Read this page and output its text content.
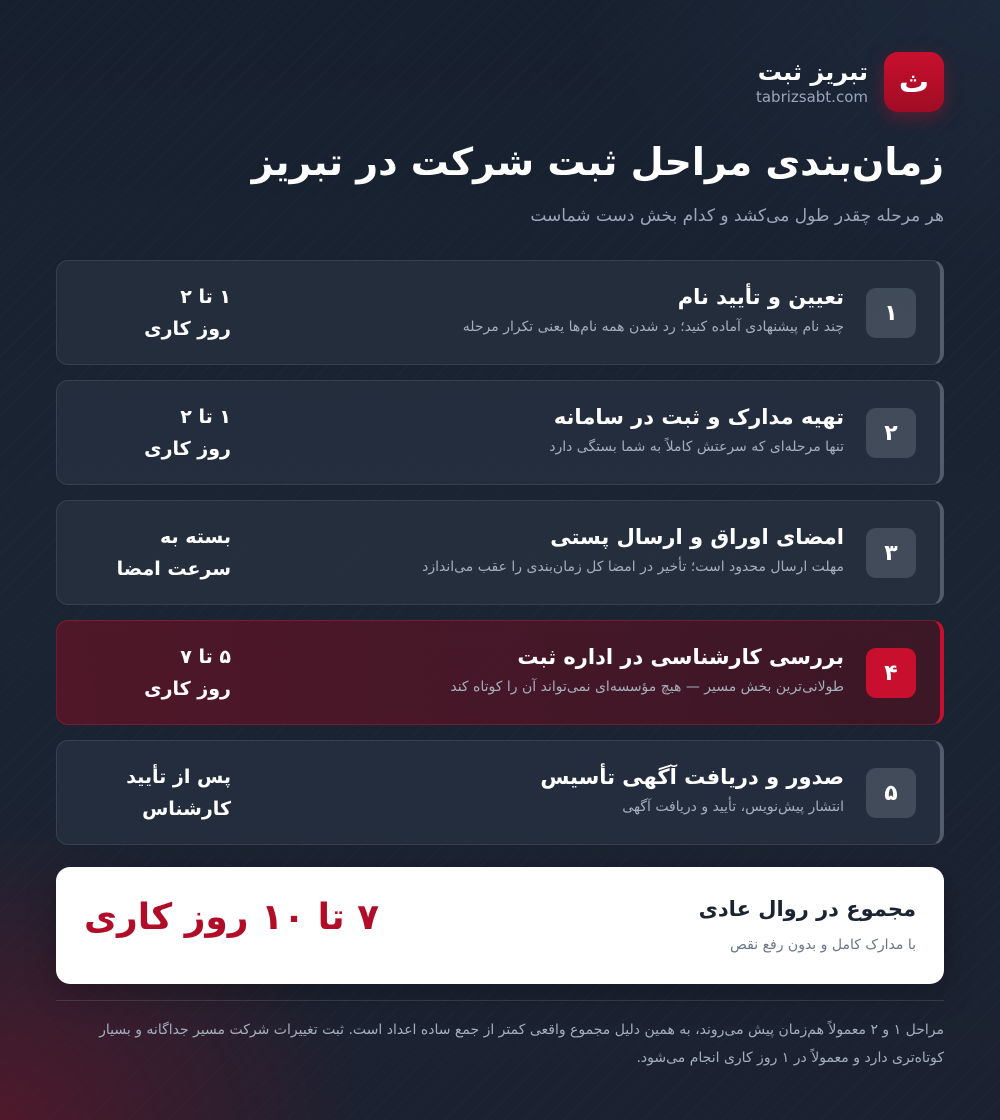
ث
تبریز ثبت
tabrizsabt.com
زمان‌بندی مراحل ثبت شرکت در تبریز
هر مرحله چقدر طول می‌کشد و کدام بخش دست شماست
۱
تعیین و تأیید نام
چند نام پیشنهادی آماده کنید؛ رد شدن همه نام‌ها یعنی تکرار مرحله
۱ تا ۲
روز کاری
۲
تهیه مدارک و ثبت در سامانه
تنها مرحله‌ای که سرعتش کاملاً به شما بستگی دارد
۱ تا ۲
روز کاری
۳
امضای اوراق و ارسال پستی
مهلت ارسال محدود است؛ تأخیر در امضا کل زمان‌بندی را عقب می‌اندازد
بسته به
سرعت امضا
۴
بررسی کارشناسی در اداره ثبت
طولانی‌ترین بخش مسیر — هیچ مؤسسه‌ای نمی‌تواند آن را کوتاه کند
۵ تا ۷
روز کاری
۵
صدور و دریافت آگهی تأسیس
انتشار پیش‌نویس، تأیید و دریافت آگهی
پس از تأیید
کارشناس
مجموع در روال عادی
با مدارک کامل و بدون رفع نقص
۷ تا ۱۰ روز کاری

مراحل ۱ و ۲ معمولاً هم‌زمان پیش می‌روند، به همین دلیل مجموع واقعی کمتر از جمع ساده اعداد است. ثبت تغییرات شرکت مسیر جداگانه و بسیار کوتاه‌تری دارد و معمولاً در ۱ روز کاری انجام می‌شود.
